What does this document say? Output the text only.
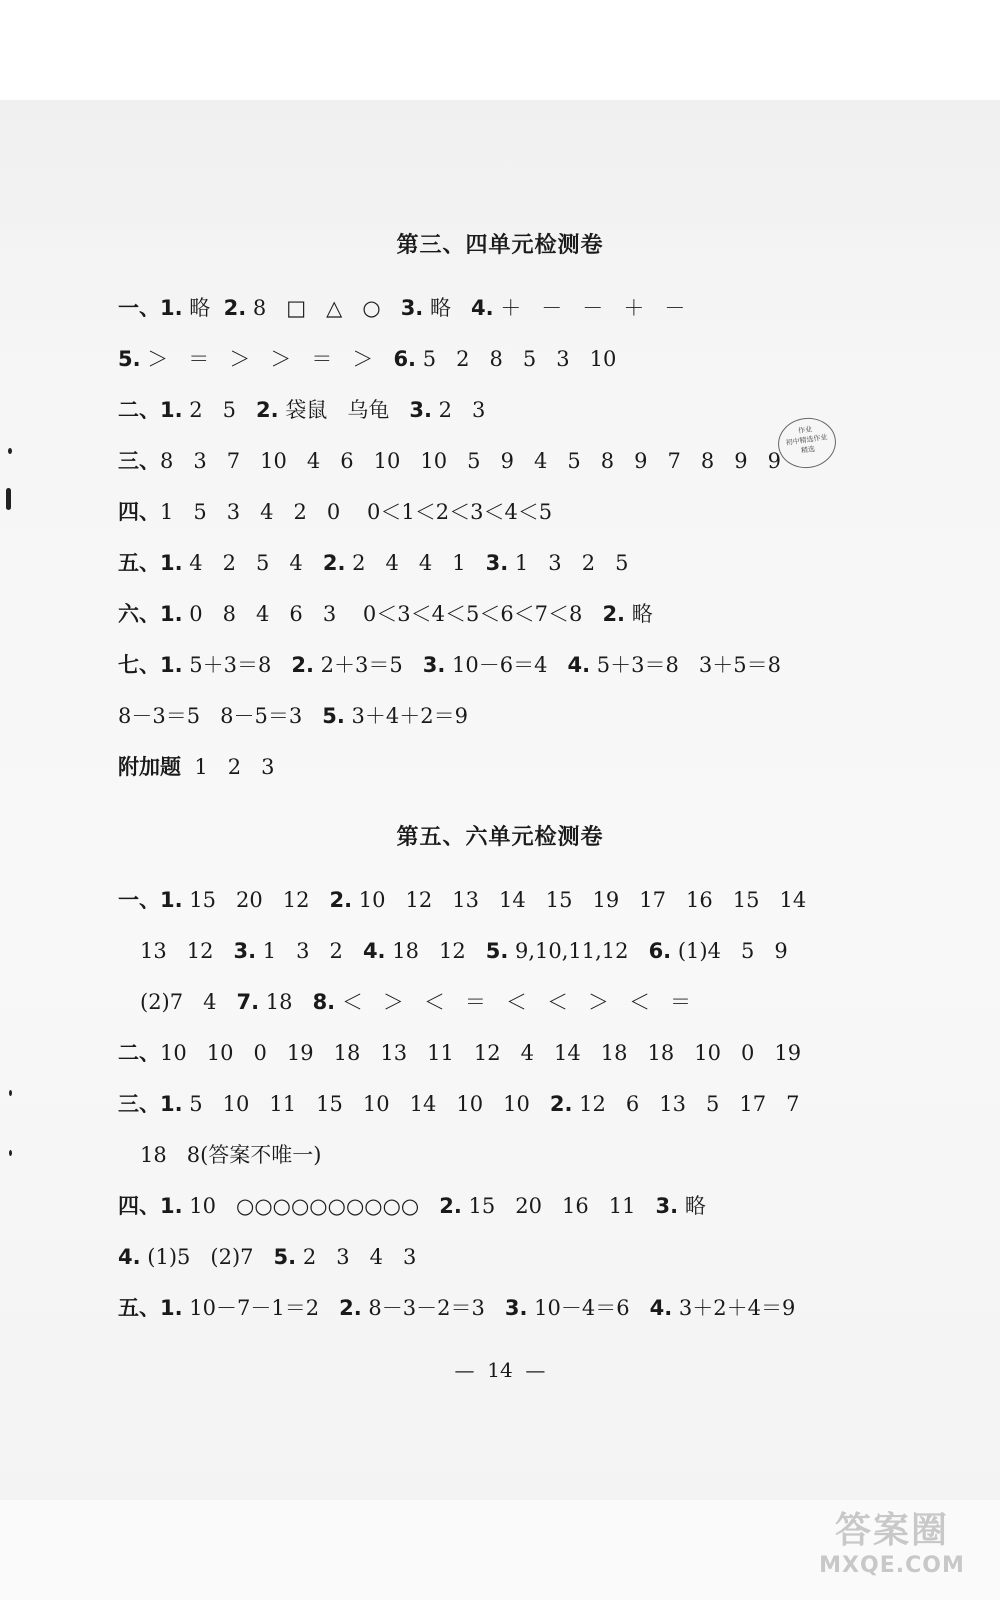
第三、四单元检测卷
一、1. 略  2. 8   □   △   ○   3. 略   4. ＋   －   －   ＋   －
5. ＞   ＝   ＞   ＞   ＝   ＞   6. 5   2   8   5   3   10
二、1. 2   5   2. 袋鼠   乌龟   3. 2   3
三、8   3   7   10   4   6   10   10   5   9   4   5   8   9   7   8   9   9
四、1   5   3   4   2   0    0＜1＜2＜3＜4＜5
五、1. 4   2   5   4   2. 2   4   4   1   3. 1   3   2   5
六、1. 0   8   4   6   3    0＜3＜4＜5＜6＜7＜8   2. 略
七、1. 5＋3＝8   2. 2＋3＝5   3. 10－6＝4   4. 5＋3＝8   3＋5＝8
8－3＝5   8－5＝3   5. 3＋4＋2＝9
附加题  1   2   3
第五、六单元检测卷
一、1. 15   20   12   2. 10   12   13   14   15   19   17   16   15   14
13   12   3. 1   3   2   4. 18   12   5. 9,10,11,12   6. (1)4   5   9
(2)7   4   7. 18   8. ＜   ＞   ＜   ＝   ＜   ＜   ＞   ＜   ＝
二、10   10   0   19   18   13   11   12   4   14   18   18   10   0   19
三、1. 5   10   11   15   10   14   10   10   2. 12   6   13   5   17   7
18   8(答案不唯一)
四、1. 10   ○○○○○○○○○○   2. 15   20   16   11   3. 略
4. (1)5   (2)7   5. 2   3   4   3
五、1. 10－7－1＝2   2. 8－3－2＝3   3. 10－4＝6   4. 3＋2＋4＝9
作业
初中精选作业
精选
—  14  —
答案圈
MXQE.COM
